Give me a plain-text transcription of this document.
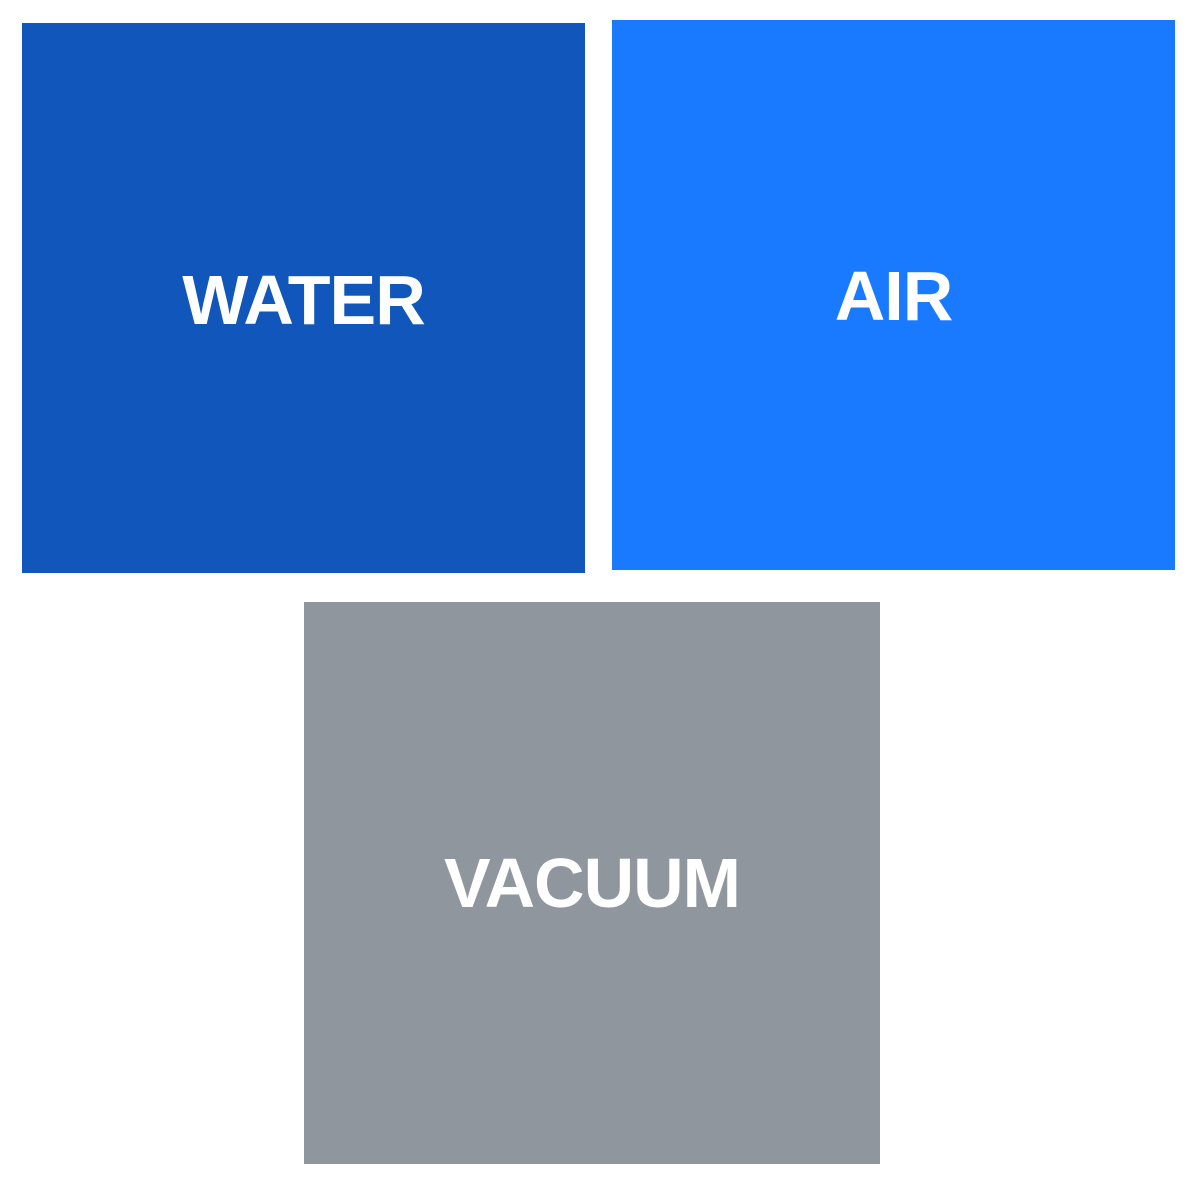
WATER	AIR
VACUUM
